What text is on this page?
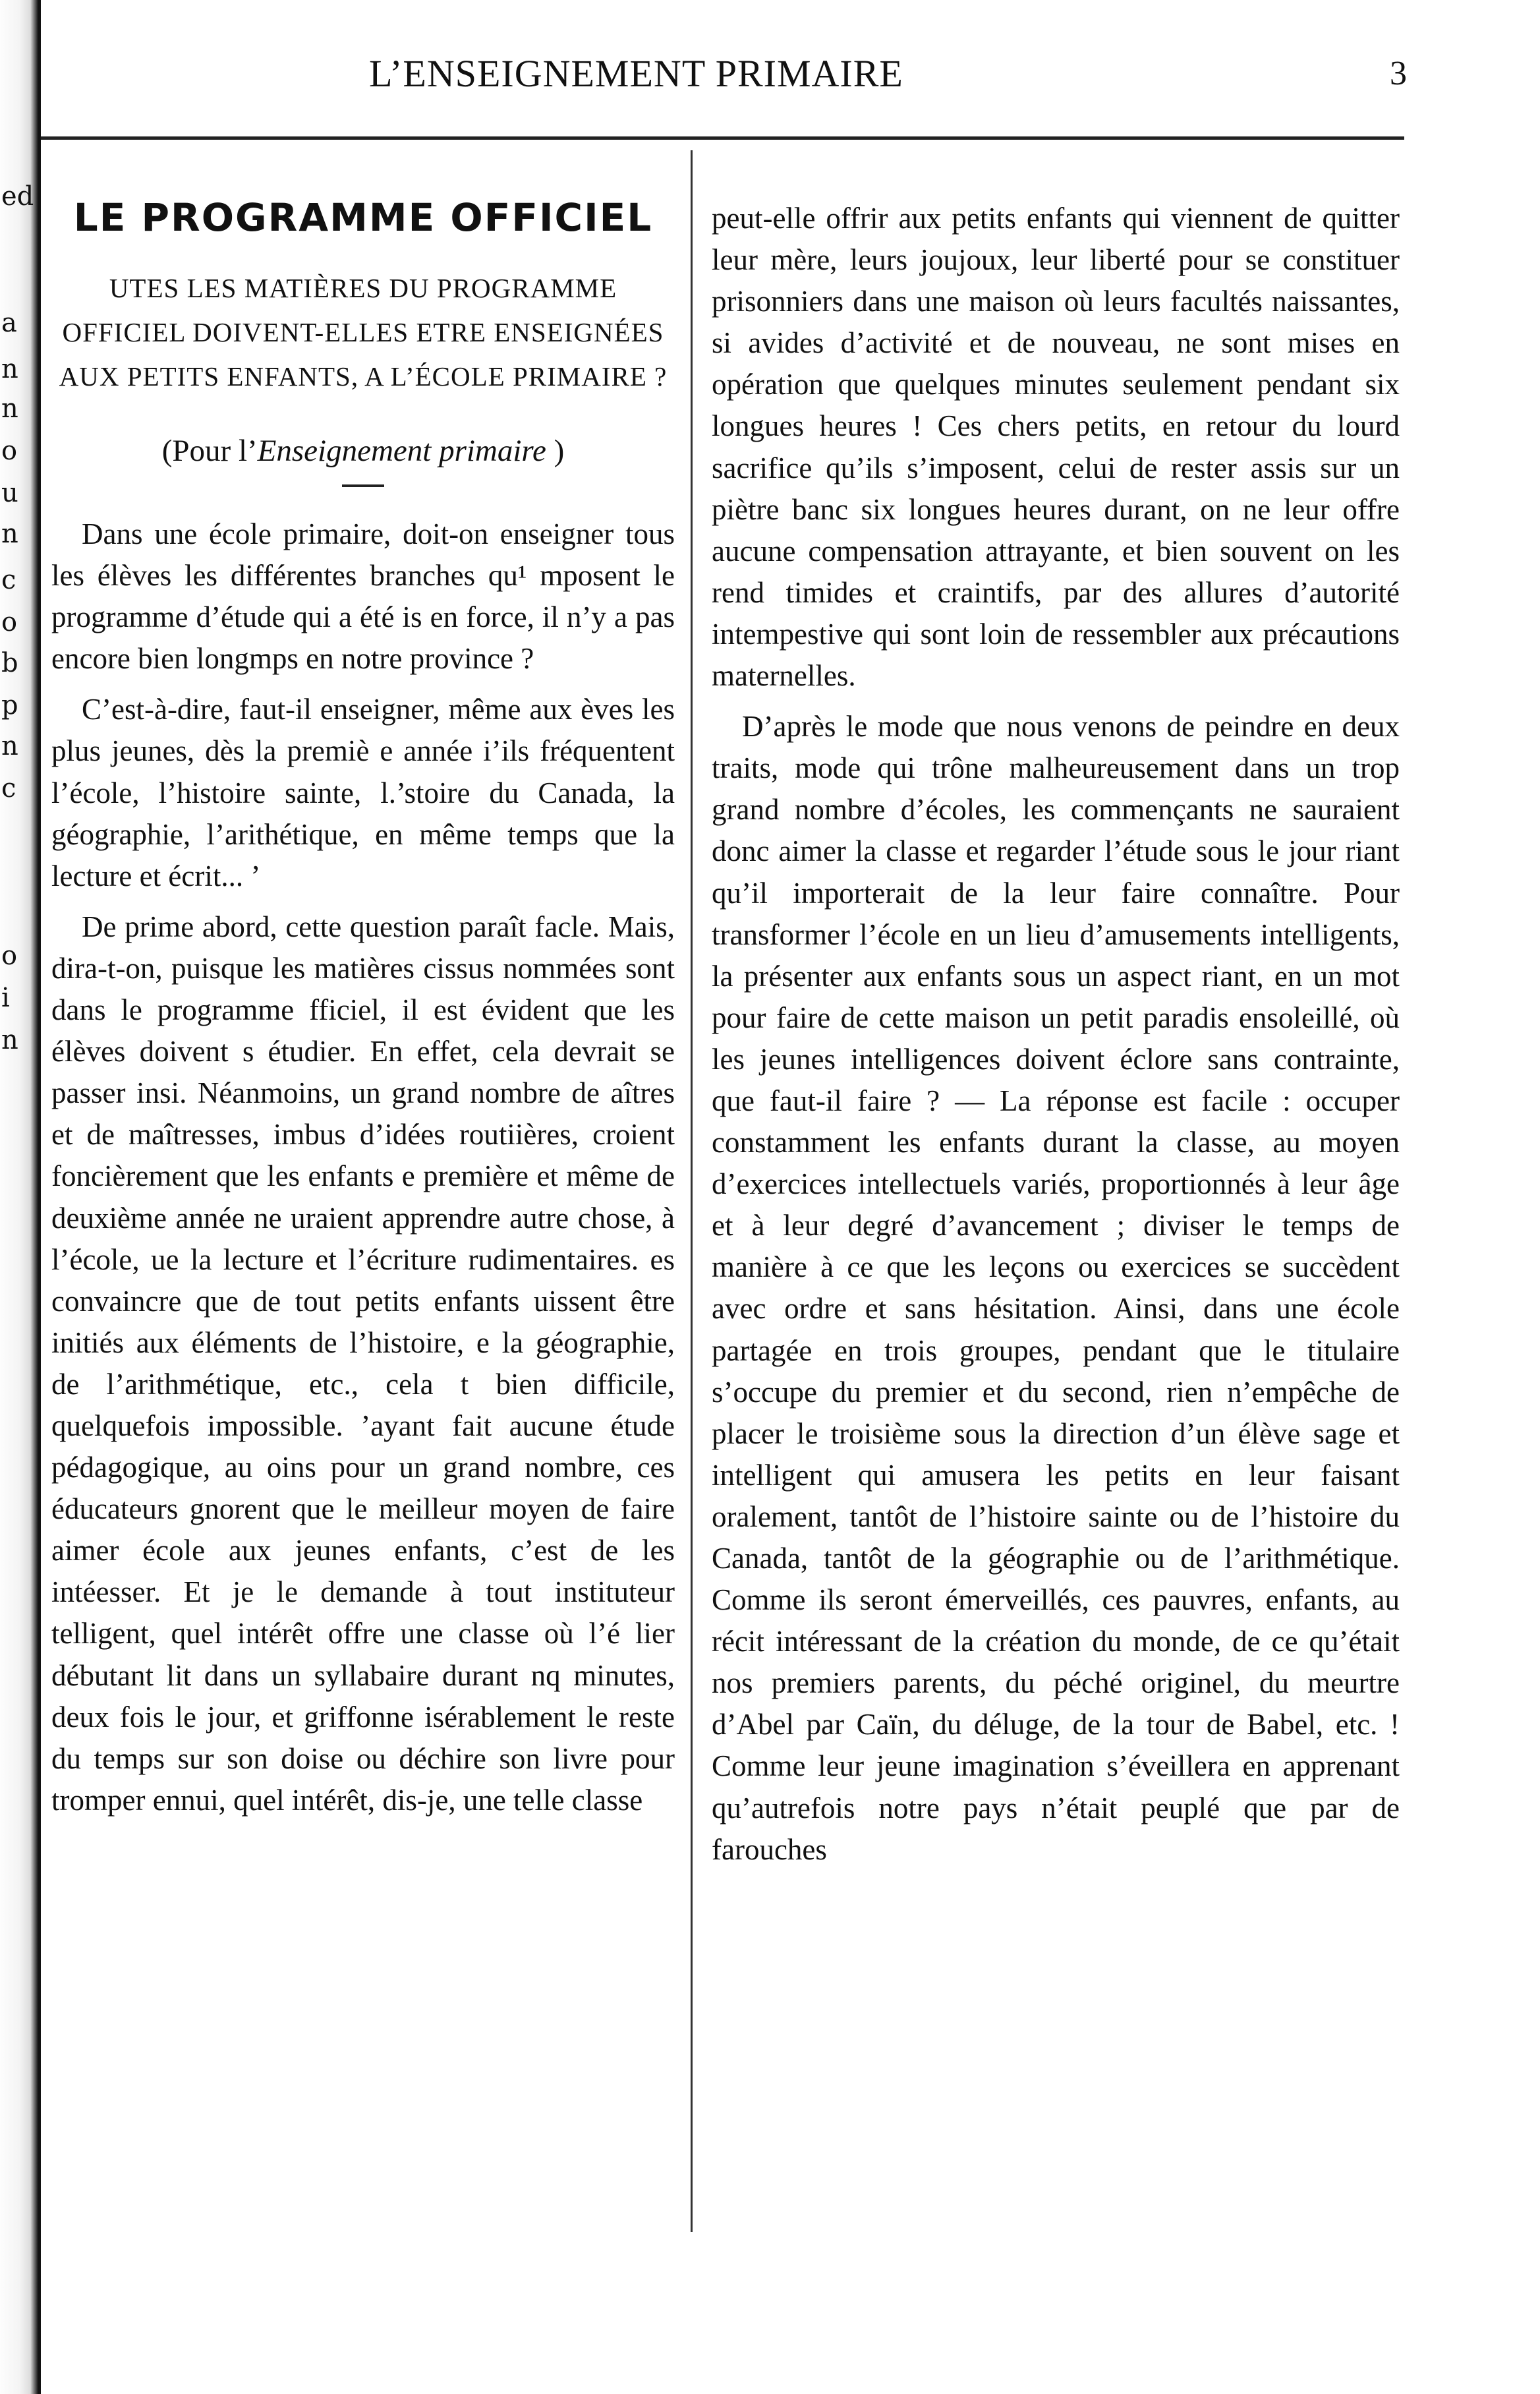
ed
a
n
n
o
u
n
c
o
b
p
n
c
o
i
n
L’ENSEIGNEMENT PRIMAIRE	3
LE PROGRAMME OFFICIEL
UTES LES MATIÈRES DU PROGRAMME OFFICIEL DOIVENT-ELLES ETRE ENSEIGNÉES AUX PETITS ENFANTS, A L’ÉCOLE PRIMAIRE ?
(Pour l’Enseignement primaire )

Dans une école primaire, doit-on enseigner tous les élèves les différentes branches qu¹ mposent le programme d’étude qui a été is en force, il n’y a pas encore bien longmps en notre province ?

C’est-à-dire, faut-il enseigner, même aux èves les plus jeunes, dès la premiè e année i’ils fréquentent l’école, l’histoire sainte, l.’stoire du Canada, la géographie, l’arithétique, en même temps que la lecture et écrit... ’

De prime abord, cette question paraît facle. Mais, dira-t-on, puisque les matières cissus nommées sont dans le programme fficiel, il est évident que les élèves doivent s étudier. En effet, cela devrait se passer insi. Néanmoins, un grand nombre de aîtres et de maîtresses, imbus d’idées routiières, croient foncièrement que les enfants e première et même de deuxième année ne uraient apprendre autre chose, à l’école, ue la lecture et l’écriture rudimentaires. es convaincre que de tout petits enfants uissent être initiés aux éléments de l’histoire, e la géographie, de l’arithmétique, etc., cela t bien difficile, quelquefois impossible. ’ayant fait aucune étude pédagogique, au oins pour un grand nombre, ces éducateurs gnorent que le meilleur moyen de faire aimer école aux jeunes enfants, c’est de les intéesser. Et je le demande à tout instituteur telligent, quel intérêt offre une classe où l’é lier débutant lit dans un syllabaire durant nq minutes, deux fois le jour, et griffonne isérablement le reste du temps sur son doise ou déchire son livre pour tromper ennui, quel intérêt, dis-je, une telle classe

peut-elle offrir aux petits enfants qui viennent de quitter leur mère, leurs joujoux, leur liberté pour se constituer prisonniers dans une maison où leurs facultés naissantes, si avides d’activité et de nouveau, ne sont mises en opération que quelques minutes seulement pendant six longues heures ! Ces chers petits, en retour du lourd sacrifice qu’ils s’imposent, celui de rester assis sur un piètre banc six longues heures durant, on ne leur offre aucune compensation attrayante, et bien souvent on les rend timides et craintifs, par des allures d’autorité intempestive qui sont loin de ressembler aux précautions maternelles.

D’après le mode que nous venons de peindre en deux traits, mode qui trône malheureusement dans un trop grand nombre d’écoles, les commençants ne sauraient donc aimer la classe et regarder l’étude sous le jour riant qu’il importerait de la leur faire connaître. Pour transformer l’école en un lieu d’amusements intelligents, la présenter aux enfants sous un aspect riant, en un mot pour faire de cette maison un petit paradis ensoleillé, où les jeunes intelligences doivent éclore sans contrainte, que faut-il faire ? — La réponse est facile : occuper constamment les enfants durant la classe, au moyen d’exercices intellectuels variés, proportionnés à leur âge et à leur degré d’avancement ; diviser le temps de manière à ce que les leçons ou exercices se succèdent avec ordre et sans hésitation. Ainsi, dans une école partagée en trois groupes, pendant que le titulaire s’occupe du premier et du second, rien n’empêche de placer le troisième sous la direction d’un élève sage et intelligent qui amusera les petits en leur faisant oralement, tantôt de l’histoire sainte ou de l’histoire du Canada, tantôt de la géographie ou de l’arithmétique. Comme ils seront émerveillés, ces pauvres, enfants, au récit intéressant de la création du monde, de ce qu’était nos premiers parents, du péché originel, du meurtre d’Abel par Caïn, du déluge, de la tour de Babel, etc. ! Comme leur jeune imagination s’éveillera en apprenant qu’autrefois notre pays n’était peuplé que par de farouches
